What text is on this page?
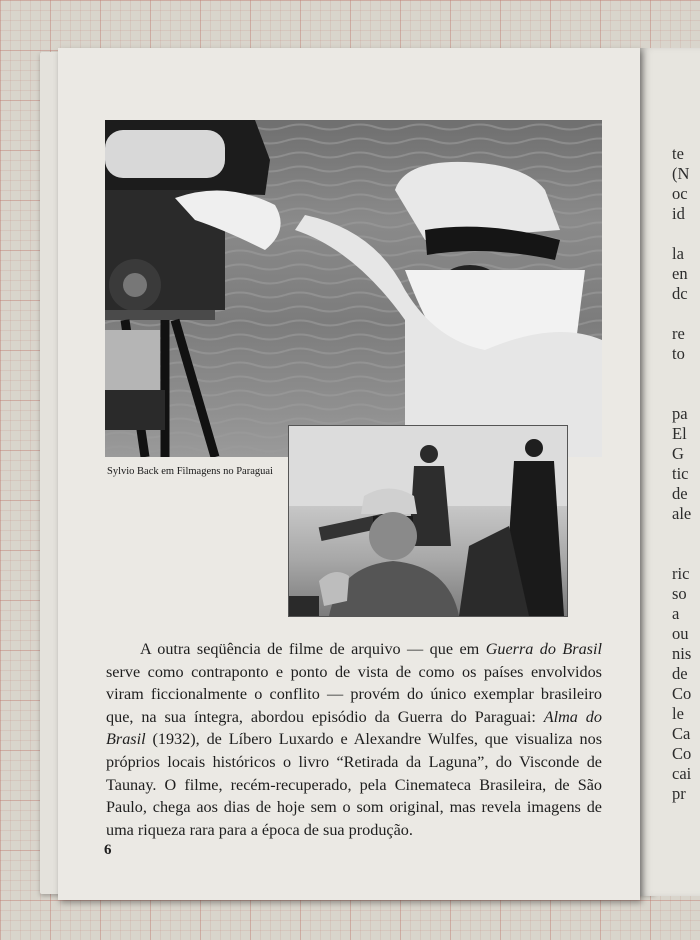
te
(N
oc
id
la
en
dc
re
to
pa
El
G
tic
de
ale
ric
so
a
ou
nis
de
Co
le
Ca
Co
cai
pr
Sylvio Back em Filmagens no Paraguai
A outra seqüência de filme de arquivo — que em Guerra do Brasil
serve como contraponto e ponto de vista de como os países envolvidos
viram ficcionalmente o conflito — provém do único exemplar brasileiro
que, na sua íntegra, abordou episódio da Guerra do Paraguai: Alma do
Brasil (1932), de Líbero Luxardo e Alexandre Wulfes, que visualiza nos
próprios locais históricos o livro “Retirada da Laguna”, do Visconde de
Taunay. O filme, recém-recuperado, pela Cinemateca Brasileira, de São
Paulo, chega aos dias de hoje sem o som original, mas revela imagens de
uma riqueza rara para a época de sua produção.
6
